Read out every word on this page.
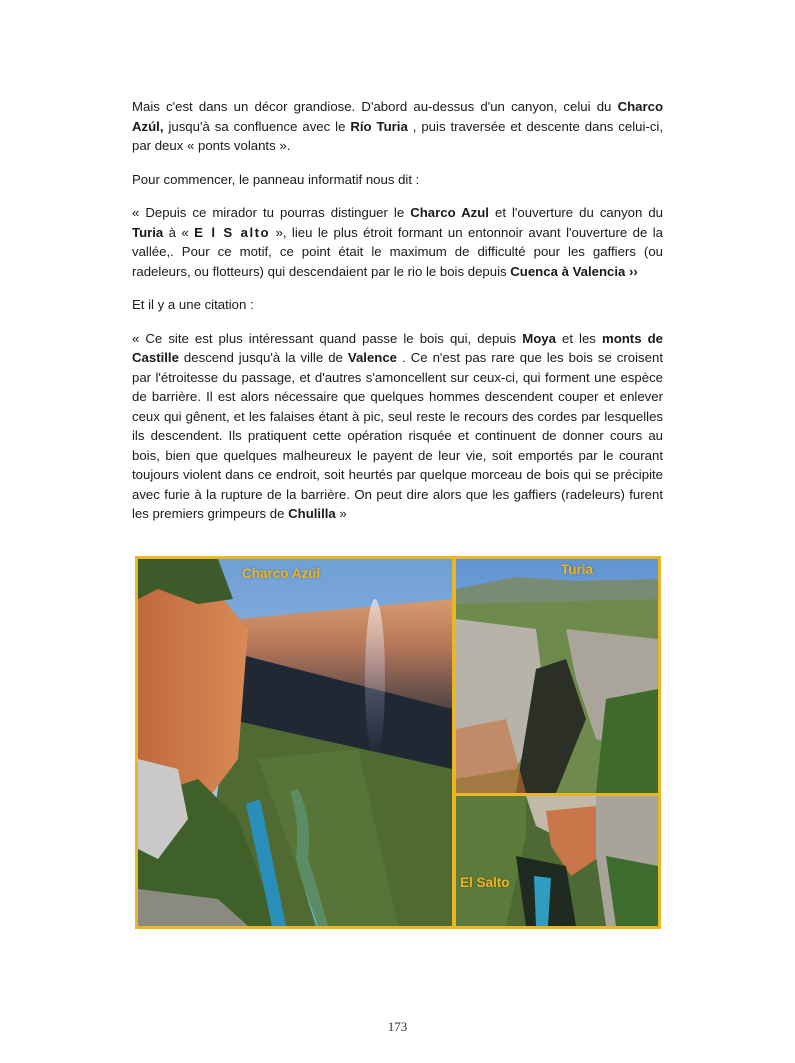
Mais c'est dans un décor grandiose. D'abord au-dessus d'un canyon, celui du Charco Azúl, jusqu'à sa confluence avec le Río Turia , puis traversée et descente dans celui-ci, par deux « ponts volants ».

Pour commencer, le panneau informatif nous dit :

« Depuis ce mirador tu pourras distinguer le Charco Azul et l'ouverture du canyon du Turia à « E l S alto », lieu le plus étroit formant un entonnoir avant l'ouverture de la vallée,. Pour ce motif, ce point était le maximum de difficulté pour les gaffiers (ou radeleurs, ou flotteurs) qui descendaient par le rio le bois depuis Cuenca à Valencia ››

Et il y a une citation :

« Ce site est plus intéressant quand passe le bois qui, depuis Moya et les monts de Castille descend jusqu'à la ville de Valence . Ce n'est pas rare que les bois se croisent par l'étroitesse du passage, et d'autres s'amoncellent sur ceux-ci, qui forment une espèce de barrière. Il est alors nécessaire que quelques hommes descendent couper et enlever ceux qui gênent, et les falaises étant à pic, seul reste le recours des cordes par lesquelles ils descendent. Ils pratiquent cette opération risquée et continuent de donner cours au bois, bien que quelques malheureux le payent de leur vie, soit emportés par le courant toujours violent dans ce endroit, soit heurtés par quelque morceau de bois qui se précipite avec furie à la rupture de la barrière. On peut dire alors que les gaffiers (radeleurs) furent les premiers grimpeurs de Chulilla »

Charco Azúl	Turia
El Salto
173
